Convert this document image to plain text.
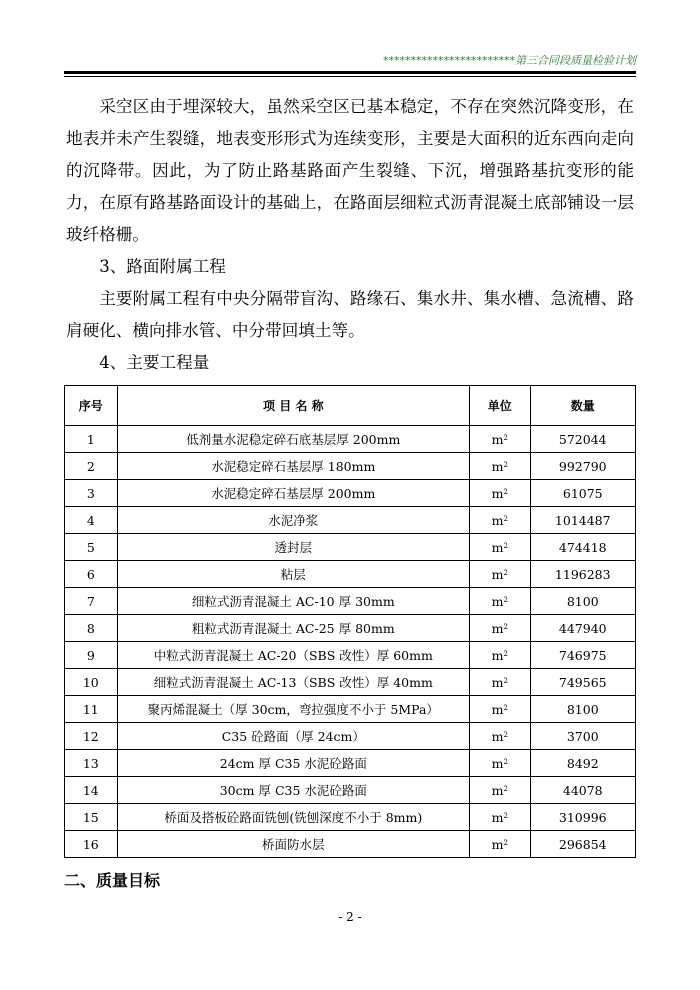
************************第三合同段质量检验计划

采空区由于埋深较大，虽然采空区已基本稳定，不存在突然沉降变形，在地表并未产生裂缝，地表变形形式为连续变形，主要是大面积的近东西向走向的沉降带。因此，为了防止路基路面产生裂缝、下沉，增强路基抗变形的能力，在原有路基路面设计的基础上，在路面层细粒式沥青混凝土底部铺设一层玻纤格栅。

3、路面附属工程

主要附属工程有中央分隔带盲沟、路缘石、集水井、集水槽、急流槽、路肩硬化、横向排水管、中分带回填土等。

4、主要工程量

序号	项 目 名 称	单位	数量
1	低剂量水泥稳定碎石底基层厚 200mm	$m^2$	572044
2	水泥稳定碎石基层厚 180mm	$m^2$	992790
3	水泥稳定碎石基层厚 200mm	$m^2$	61075
4	水泥净浆	$m^2$	1014487
5	透封层	$m^2$	474418
6	粘层	$m^2$	1196283
7	细粒式沥青混凝土 AC-10 厚 30mm	$m^2$	8100
8	粗粒式沥青混凝土 AC-25 厚 80mm	$m^2$	447940
9	中粒式沥青混凝土 AC-20（SBS 改性）厚 60mm	$m^2$	746975
10	细粒式沥青混凝土 AC-13（SBS 改性）厚 40mm	$m^2$	749565
11	聚丙烯混凝土（厚 30cm，弯拉强度不小于 5MPa）	$m^2$	8100
12	C35 砼路面（厚 24cm）	$m^2$	3700
13	24cm 厚 C35 水泥砼路面	$m^2$	8492
14	30cm 厚 C35 水泥砼路面	$m^2$	44078
15	桥面及搭板砼路面铣刨(铣刨深度不小于 8mm)	$m^2$	310996
16	桥面防水层	$m^2$	296854
二、质量目标
- 2 -
